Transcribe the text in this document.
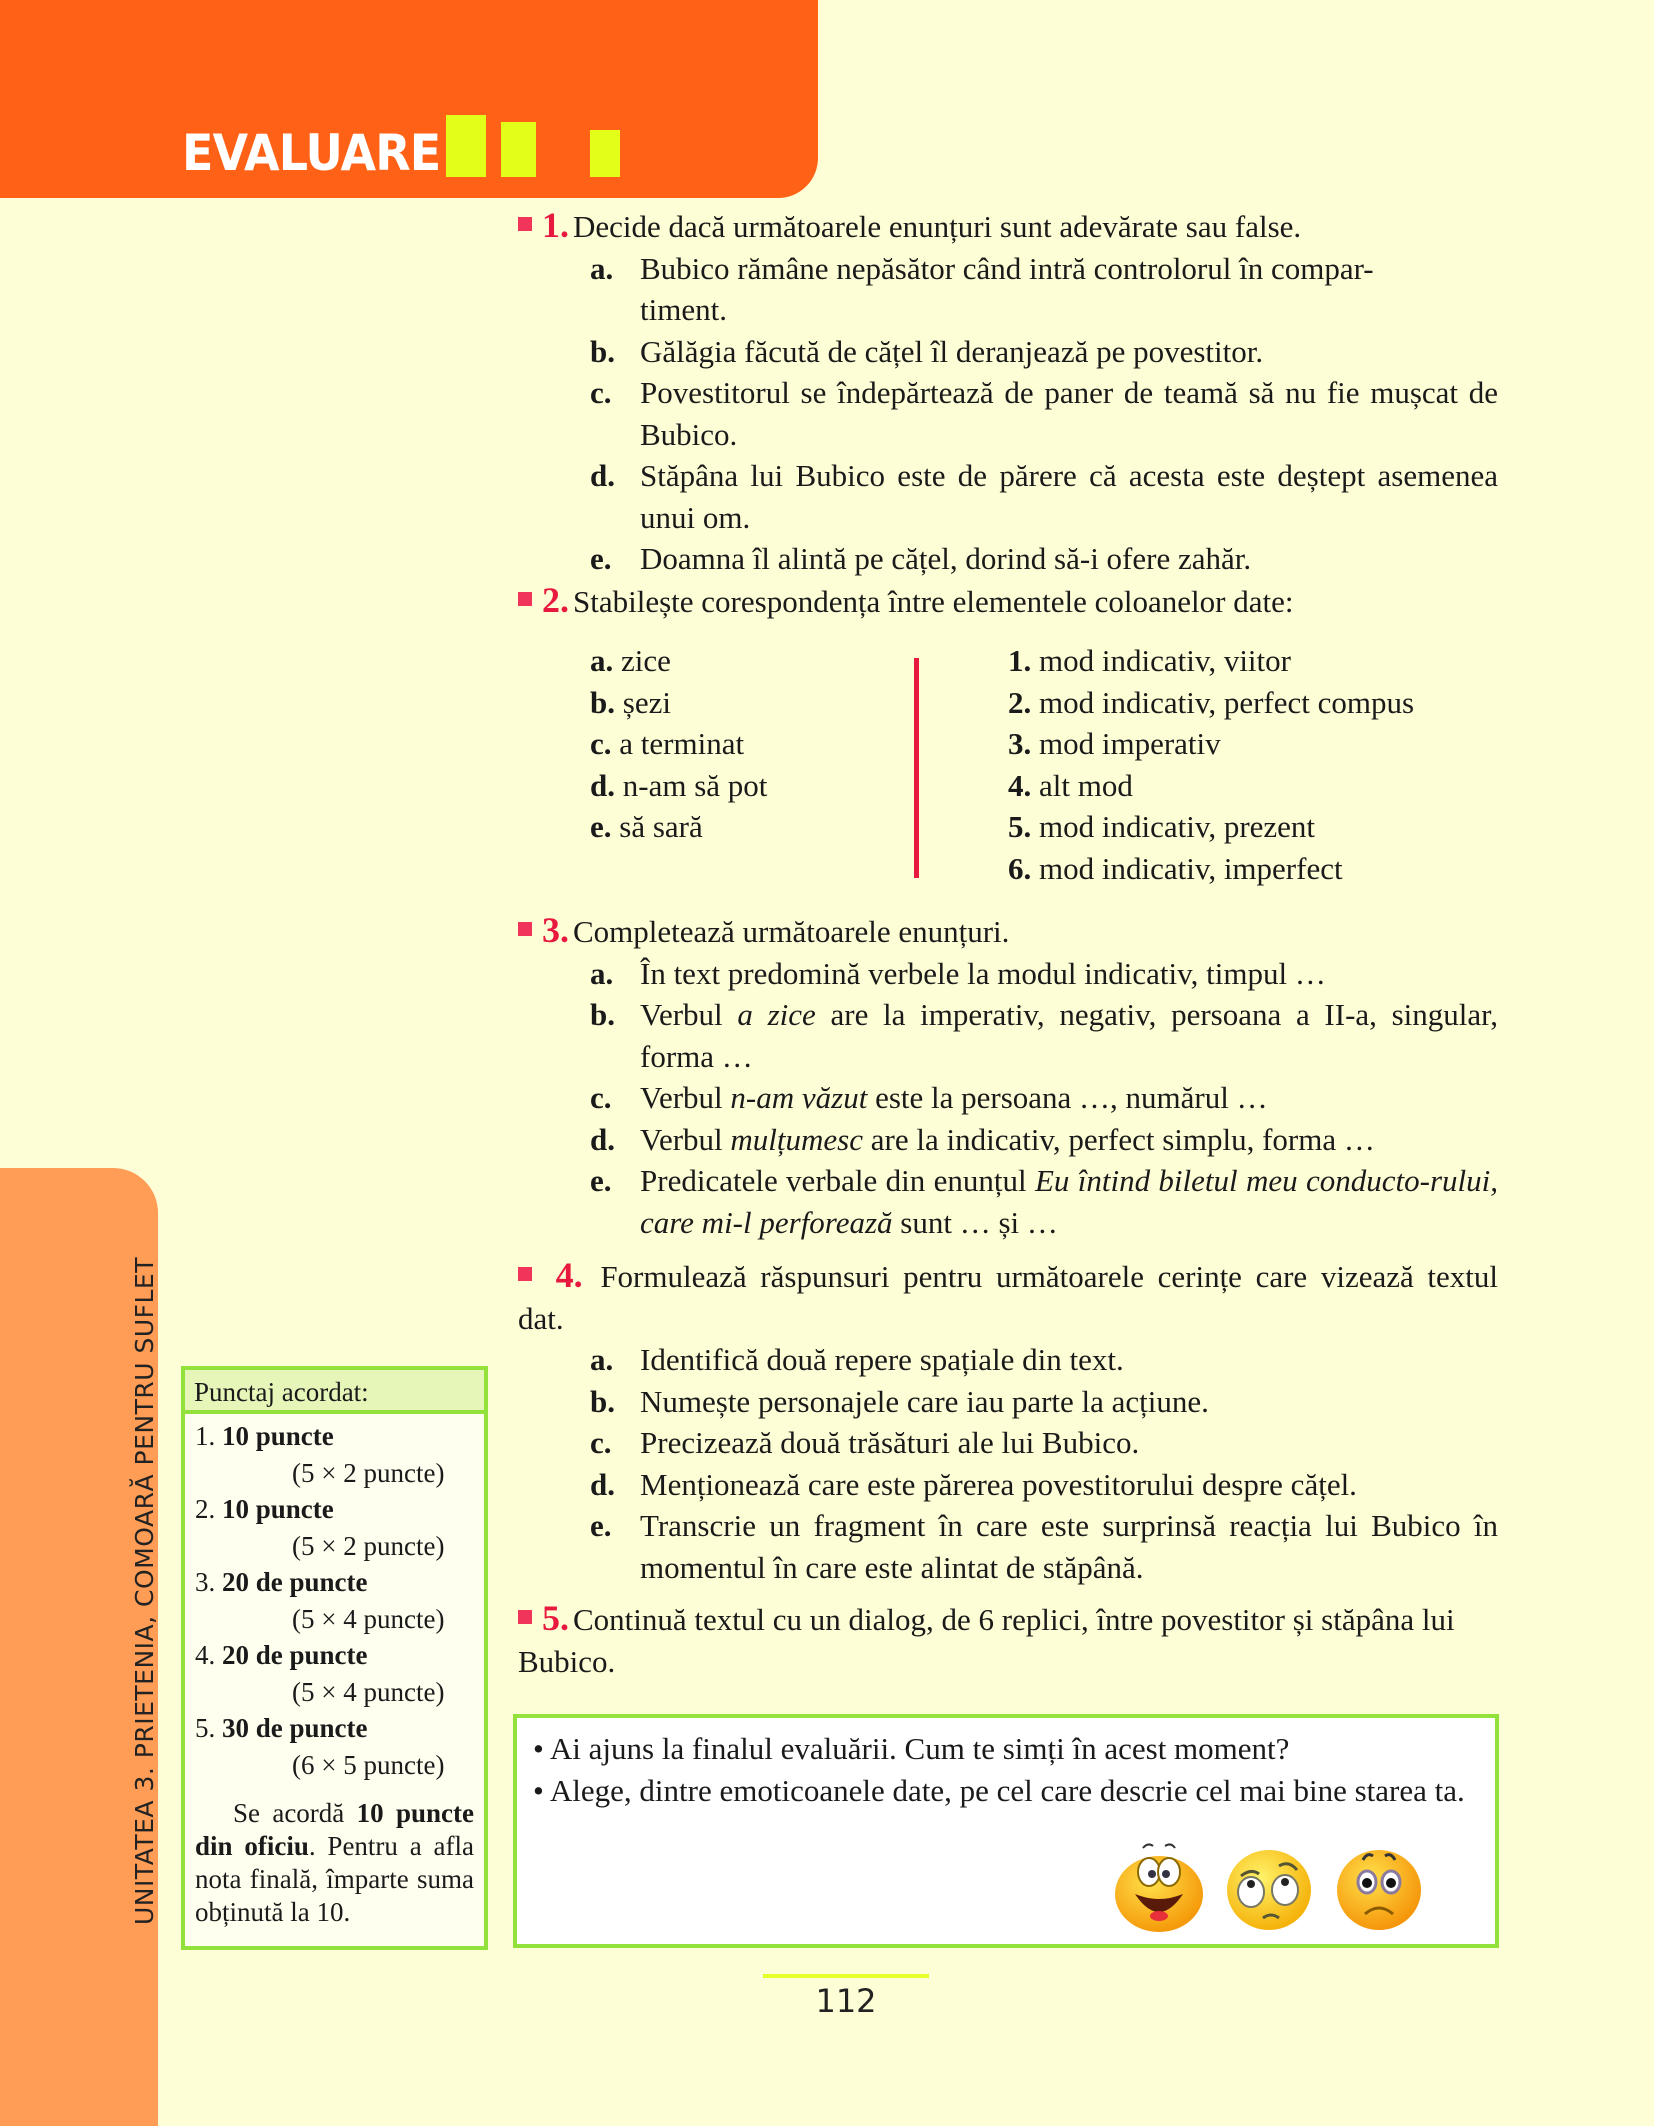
EVALUARE
UNITATEA 3. PRIETENIA, COMOARĂ PENTRU SUFLET
1. Decide dacă următoarele enunțuri sunt adevărate sau false.
a. Bubico rămâne nepăsător când intră controlorul în compar-
timent.
b. Gălăgia făcută de cățel îl deranjează pe povestitor.
c. Povestitorul se îndepărtează de paner de teamă să nu fie mușcat de Bubico.
d. Stăpâna lui Bubico este de părere că acesta este deștept asemenea unui om.
e. Doamna îl alintă pe cățel, dorind să-i ofere zahăr.
2. Stabilește corespondența între elementele coloanelor date:
a. zice
b. șezi
c. a terminat
d. n-am să pot
e. să sară
1. mod indicativ, viitor
2. mod indicativ, perfect compus
3. mod imperativ
4. alt mod
5. mod indicativ, prezent
6. mod indicativ, imperfect
3. Completează următoarele enunțuri.
a. În text predomină verbele la modul indicativ, timpul …
b. Verbul a zice are la imperativ, negativ, persoana a II-a, singular, forma …
c. Verbul n-am văzut este la persoana …, numărul …
d. Verbul mulțumesc are la indicativ, perfect simplu, forma …
e. Predicatele verbale din enunțul Eu întind biletul meu conducto-rului, care mi-l perforează sunt … și …
4. Formulează răspunsuri pentru următoarele cerințe care vizează textul dat.
a. Identifică două repere spațiale din text.
b. Numește personajele care iau parte la acțiune.
c. Precizează două trăsături ale lui Bubico.
d. Menționează care este părerea povestitorului despre cățel.
e. Transcrie un fragment în care este surprinsă reacția lui Bubico în momentul în care este alintat de stăpână.
5. Continuă textul cu un dialog, de 6 replici, între povestitor și stăpâna lui Bubico.
Punctaj acordat:
1. 10 puncte
(5 × 2 puncte)
2. 10 puncte
(5 × 2 puncte)
3. 20 de puncte
(5 × 4 puncte)
4. 20 de puncte
(5 × 4 puncte)
5. 30 de puncte
(6 × 5 puncte)
Se acordă 10 puncte din oficiu. Pentru a afla nota finală, împarte suma obținută la 10.
• Ai ajuns la finalul evaluării. Cum te simți în acest moment?
• Alege, dintre emoticoanele date, pe cel care descrie cel mai bine starea ta.
112
